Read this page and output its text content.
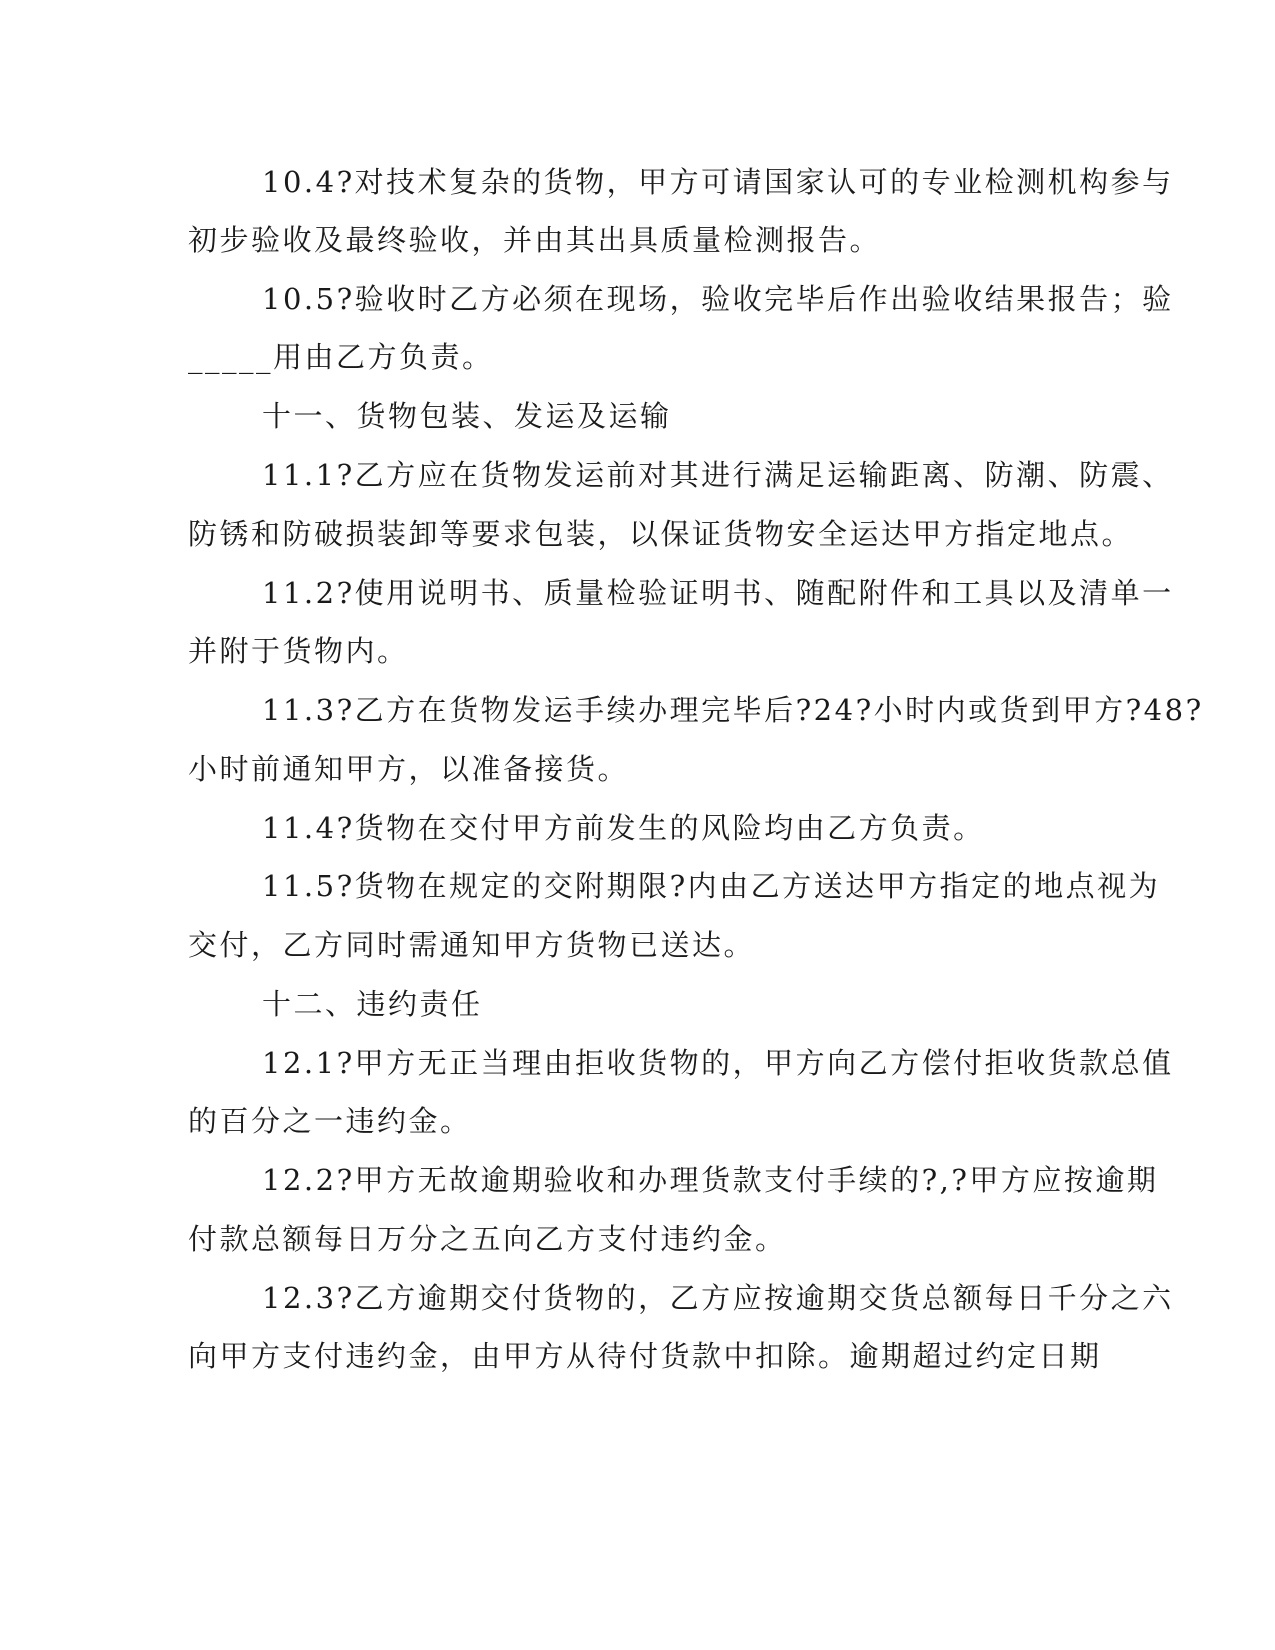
10.4?对技术复杂的货物，甲方可请国家认可的专业检测机构参与
初步验收及最终验收，并由其出具质量检测报告。
10.5?验收时乙方必须在现场，验收完毕后作出验收结果报告；验
_____用由乙方负责。
十一、货物包装、发运及运输
11.1?乙方应在货物发运前对其进行满足运输距离、防潮、防震、
防锈和防破损装卸等要求包装，以保证货物安全运达甲方指定地点。
11.2?使用说明书、质量检验证明书、随配附件和工具以及清单一
并附于货物内。
11.3?乙方在货物发运手续办理完毕后?24?小时内或货到甲方?48?
小时前通知甲方，以准备接货。
11.4?货物在交付甲方前发生的风险均由乙方负责。
11.5?货物在规定的交附期限?内由乙方送达甲方指定的地点视为
交付，乙方同时需通知甲方货物已送达。
十二、违约责任
12.1?甲方无正当理由拒收货物的，甲方向乙方偿付拒收货款总值
的百分之一违约金。
12.2?甲方无故逾期验收和办理货款支付手续的?,?甲方应按逾期
付款总额每日万分之五向乙方支付违约金。
12.3?乙方逾期交付货物的，乙方应按逾期交货总额每日千分之六
向甲方支付违约金，由甲方从待付货款中扣除。逾期超过约定日期
